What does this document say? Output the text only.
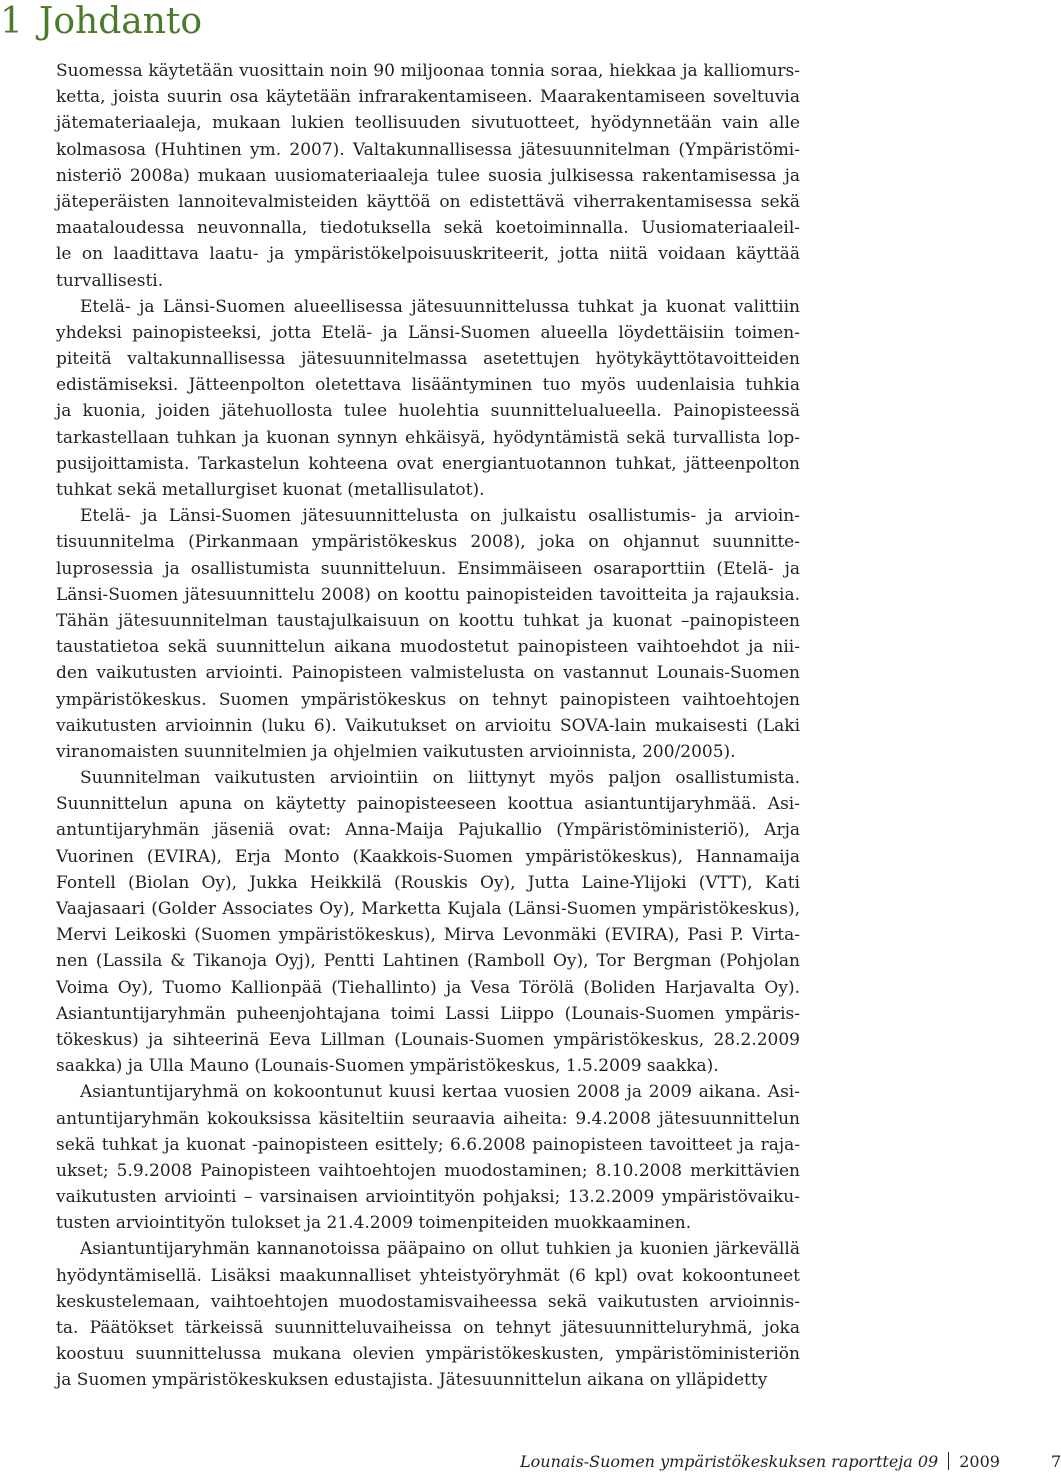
1 Johdanto
Suomessa käytetään vuosittain noin 90 miljoonaa tonnia soraa, hiekkaa ja kalliomurs-
ketta, joista suurin osa käytetään infrarakentamiseen. Maarakentamiseen soveltuvia
jätemateriaaleja, mukaan lukien teollisuuden sivutuotteet, hyödynnetään vain alle
kolmasosa (Huhtinen ym. 2007). Valtakunnallisessa jätesuunnitelman (Ympäristömi-
nisteriö 2008a) mukaan uusiomateriaaleja tulee suosia julkisessa rakentamisessa ja
jäteperäisten lannoitevalmisteiden käyttöä on edistettävä viherrakentamisessa sekä
maataloudessa neuvonnalla, tiedotuksella sekä koetoiminnalla. Uusiomateriaaleil-
le on laadittava laatu- ja ympäristökelpoisuuskriteerit, jotta niitä voidaan käyttää
turvallisesti.
Etelä- ja Länsi-Suomen alueellisessa jätesuunnittelussa tuhkat ja kuonat valittiin
yhdeksi painopisteeksi, jotta Etelä- ja Länsi-Suomen alueella löydettäisiin toimen-
piteitä valtakunnallisessa jätesuunnitelmassa asetettujen hyötykäyttötavoitteiden
edistämiseksi. Jätteenpolton oletettava lisääntyminen tuo myös uudenlaisia tuhkia
ja kuonia, joiden jätehuollosta tulee huolehtia suunnittelualueella. Painopisteessä
tarkastellaan tuhkan ja kuonan synnyn ehkäisyä, hyödyntämistä sekä turvallista lop-
pusijoittamista. Tarkastelun kohteena ovat energiantuotannon tuhkat, jätteenpolton
tuhkat sekä metallurgiset kuonat (metallisulatot).
Etelä- ja Länsi-Suomen jätesuunnittelusta on julkaistu osallistumis- ja arvioin-
tisuunnitelma (Pirkanmaan ympäristökeskus 2008), joka on ohjannut suunnitte-
luprosessia ja osallistumista suunnitteluun. Ensimmäiseen osaraporttiin (Etelä- ja
Länsi-Suomen jätesuunnittelu 2008) on koottu painopisteiden tavoitteita ja rajauksia.
Tähän jätesuunnitelman taustajulkaisuun on koottu tuhkat ja kuonat –painopisteen
taustatietoa sekä suunnittelun aikana muodostetut painopisteen vaihtoehdot ja nii-
den vaikutusten arviointi. Painopisteen valmistelusta on vastannut Lounais-Suomen
ympäristökeskus. Suomen ympäristökeskus on tehnyt painopisteen vaihtoehtojen
vaikutusten arvioinnin (luku 6). Vaikutukset on arvioitu SOVA-lain mukaisesti (Laki
viranomaisten suunnitelmien ja ohjelmien vaikutusten arvioinnista, 200/2005).
Suunnitelman vaikutusten arviointiin on liittynyt myös paljon osallistumista.
Suunnittelun apuna on käytetty painopisteeseen koottua asiantuntijaryhmää. Asi-
antuntijaryhmän jäseniä ovat: Anna-Maija Pajukallio (Ympäristöministeriö), Arja
Vuorinen (EVIRA), Erja Monto (Kaakkois-Suomen ympäristökeskus), Hannamaija
Fontell (Biolan Oy), Jukka Heikkilä (Rouskis Oy), Jutta Laine-Ylijoki (VTT), Kati
Vaajasaari (Golder Associates Oy), Marketta Kujala (Länsi-Suomen ympäristökeskus),
Mervi Leikoski (Suomen ympäristökeskus), Mirva Levonmäki (EVIRA), Pasi P. Virta-
nen (Lassila & Tikanoja Oyj), Pentti Lahtinen (Ramboll Oy), Tor Bergman (Pohjolan
Voima Oy), Tuomo Kallionpää (Tiehallinto) ja Vesa Törölä (Boliden Harjavalta Oy).
Asiantuntijaryhmän puheenjohtajana toimi Lassi Liippo (Lounais-Suomen ympäris-
tökeskus) ja sihteerinä Eeva Lillman (Lounais-Suomen ympäristökeskus, 28.2.2009
saakka) ja Ulla Mauno (Lounais-Suomen ympäristökeskus, 1.5.2009 saakka).
Asiantuntijaryhmä on kokoontunut kuusi kertaa vuosien 2008 ja 2009 aikana. Asi-
antuntijaryhmän kokouksissa käsiteltiin seuraavia aiheita: 9.4.2008 jätesuunnittelun
sekä tuhkat ja kuonat -painopisteen esittely; 6.6.2008 painopisteen tavoitteet ja raja-
ukset; 5.9.2008 Painopisteen vaihtoehtojen muodostaminen; 8.10.2008 merkittävien
vaikutusten arviointi – varsinaisen arviointityön pohjaksi; 13.2.2009 ympäristövaiku-
tusten arviointityön tulokset ja 21.4.2009 toimenpiteiden muokkaaminen.
Asiantuntijaryhmän kannanotoissa pääpaino on ollut tuhkien ja kuonien järkevällä
hyödyntämisellä. Lisäksi maakunnalliset yhteistyöryhmät (6 kpl) ovat kokoontuneet
keskustelemaan, vaihtoehtojen muodostamisvaiheessa sekä vaikutusten arvioinnis-
ta. Päätökset tärkeissä suunnitteluvaiheissa on tehnyt jätesuunnitteluryhmä, joka
koostuu suunnittelussa mukana olevien ympäristökeskusten, ympäristöministeriön
ja Suomen ympäristökeskuksen edustajista. Jätesuunnittelun aikana on ylläpidetty
Lounais-Suomen ympäristökeskuksen raportteja 09 2009	7
